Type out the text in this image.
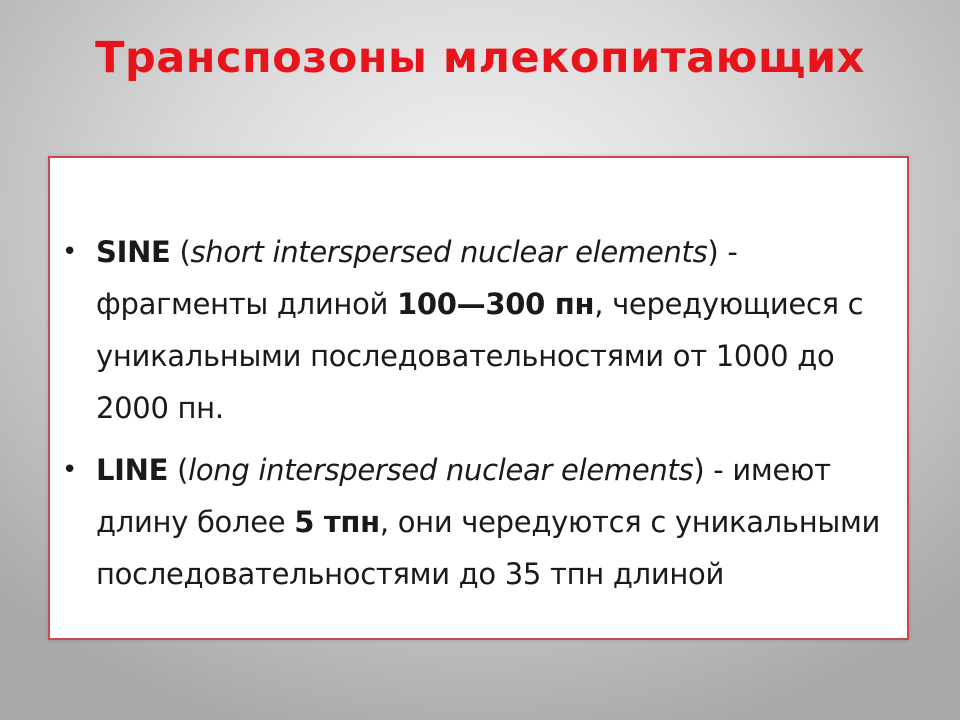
Транспозоны млекопитающих
• SINE (short interspersed nuclear elements) - фрагменты длиной 100—300 пн, чередующиеся с уникальными последовательностями от 1000 до 2000 пн.
• LINE (long interspersed nuclear elements) - имеют длину более 5 тпн, они чередуются с уникальными последовательностями до 35 тпн длиной
